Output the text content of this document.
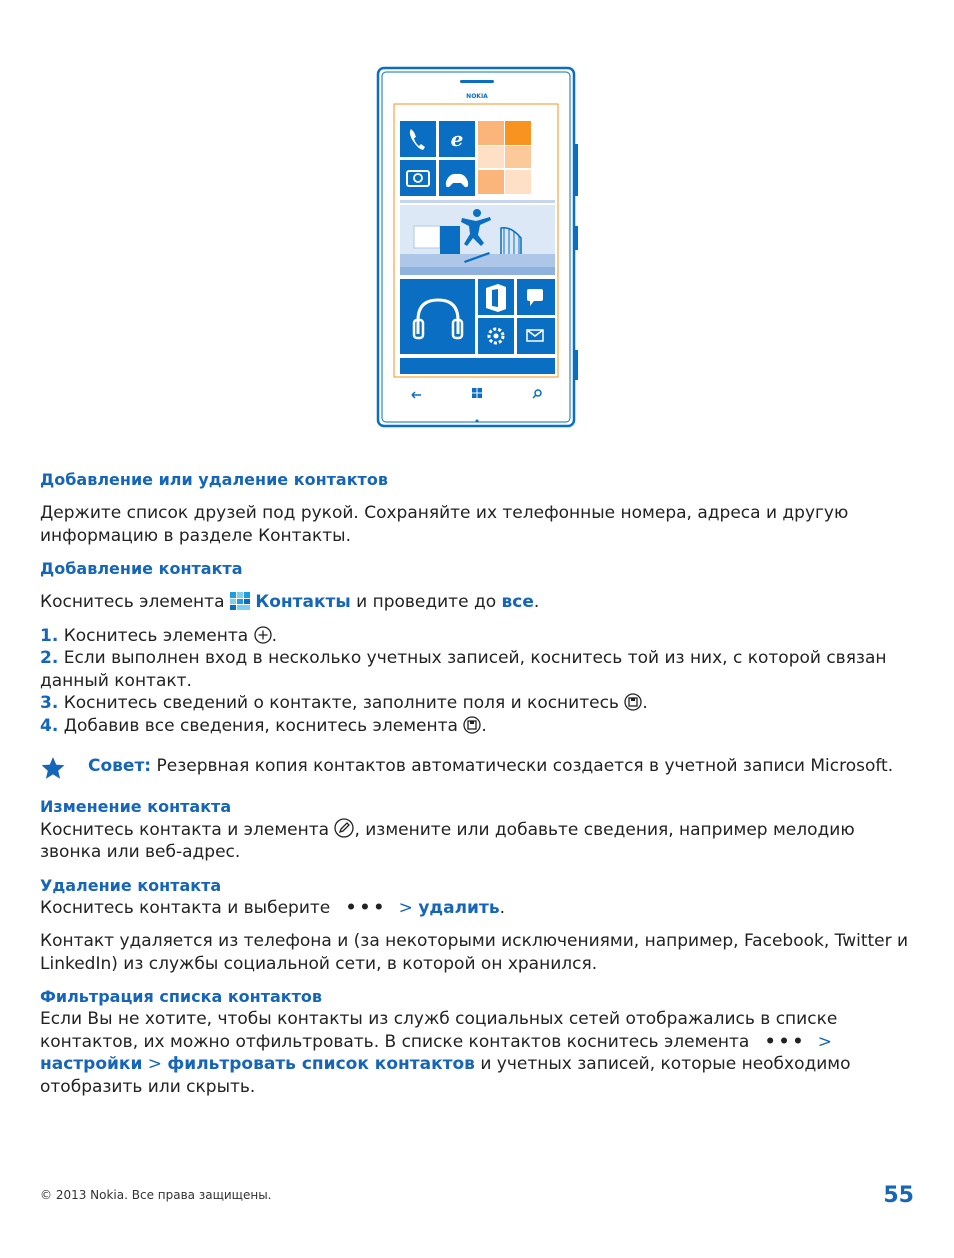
NOKIA
e
Добавление или удаление контактов

Держите список друзей под рукой. Сохраняйте их телефонные номера, адреса и другую информацию в разделе Контакты.

Добавление контакта

Коснитесь элемента Контакты и проведите до все.

1. Коснитесь элемента .

2. Если выполнен вход в несколько учетных записей, коснитесь той из них, с которой связан данный контакт.

3. Коснитесь сведений о контакте, заполните поля и коснитесь .

4. Добавив все сведения, коснитесь элемента .

Совет: Резервная копия контактов автоматически создается в учетной записи Microsoft.

Изменение контакта

Коснитесь контакта и элемента , измените или добавьте сведения, например мелодию звонка или веб-адрес.

Удаление контакта

Коснитесь контакта и выберите ••• > удалить.

Контакт удаляется из телефона и (за некоторыми исключениями, например, Facebook, Twitter и LinkedIn) из службы социальной сети, в которой он хранился.

Фильтрация списка контактов

Если Вы не хотите, чтобы контакты из служб социальных сетей отображались в списке контактов, их можно отфильтровать. В списке контактов коснитесь элемента ••• > настройки > фильтровать список контактов и учетных записей, которые необходимо отобразить или скрыть.

© 2013 Nokia. Все права защищены.	55
